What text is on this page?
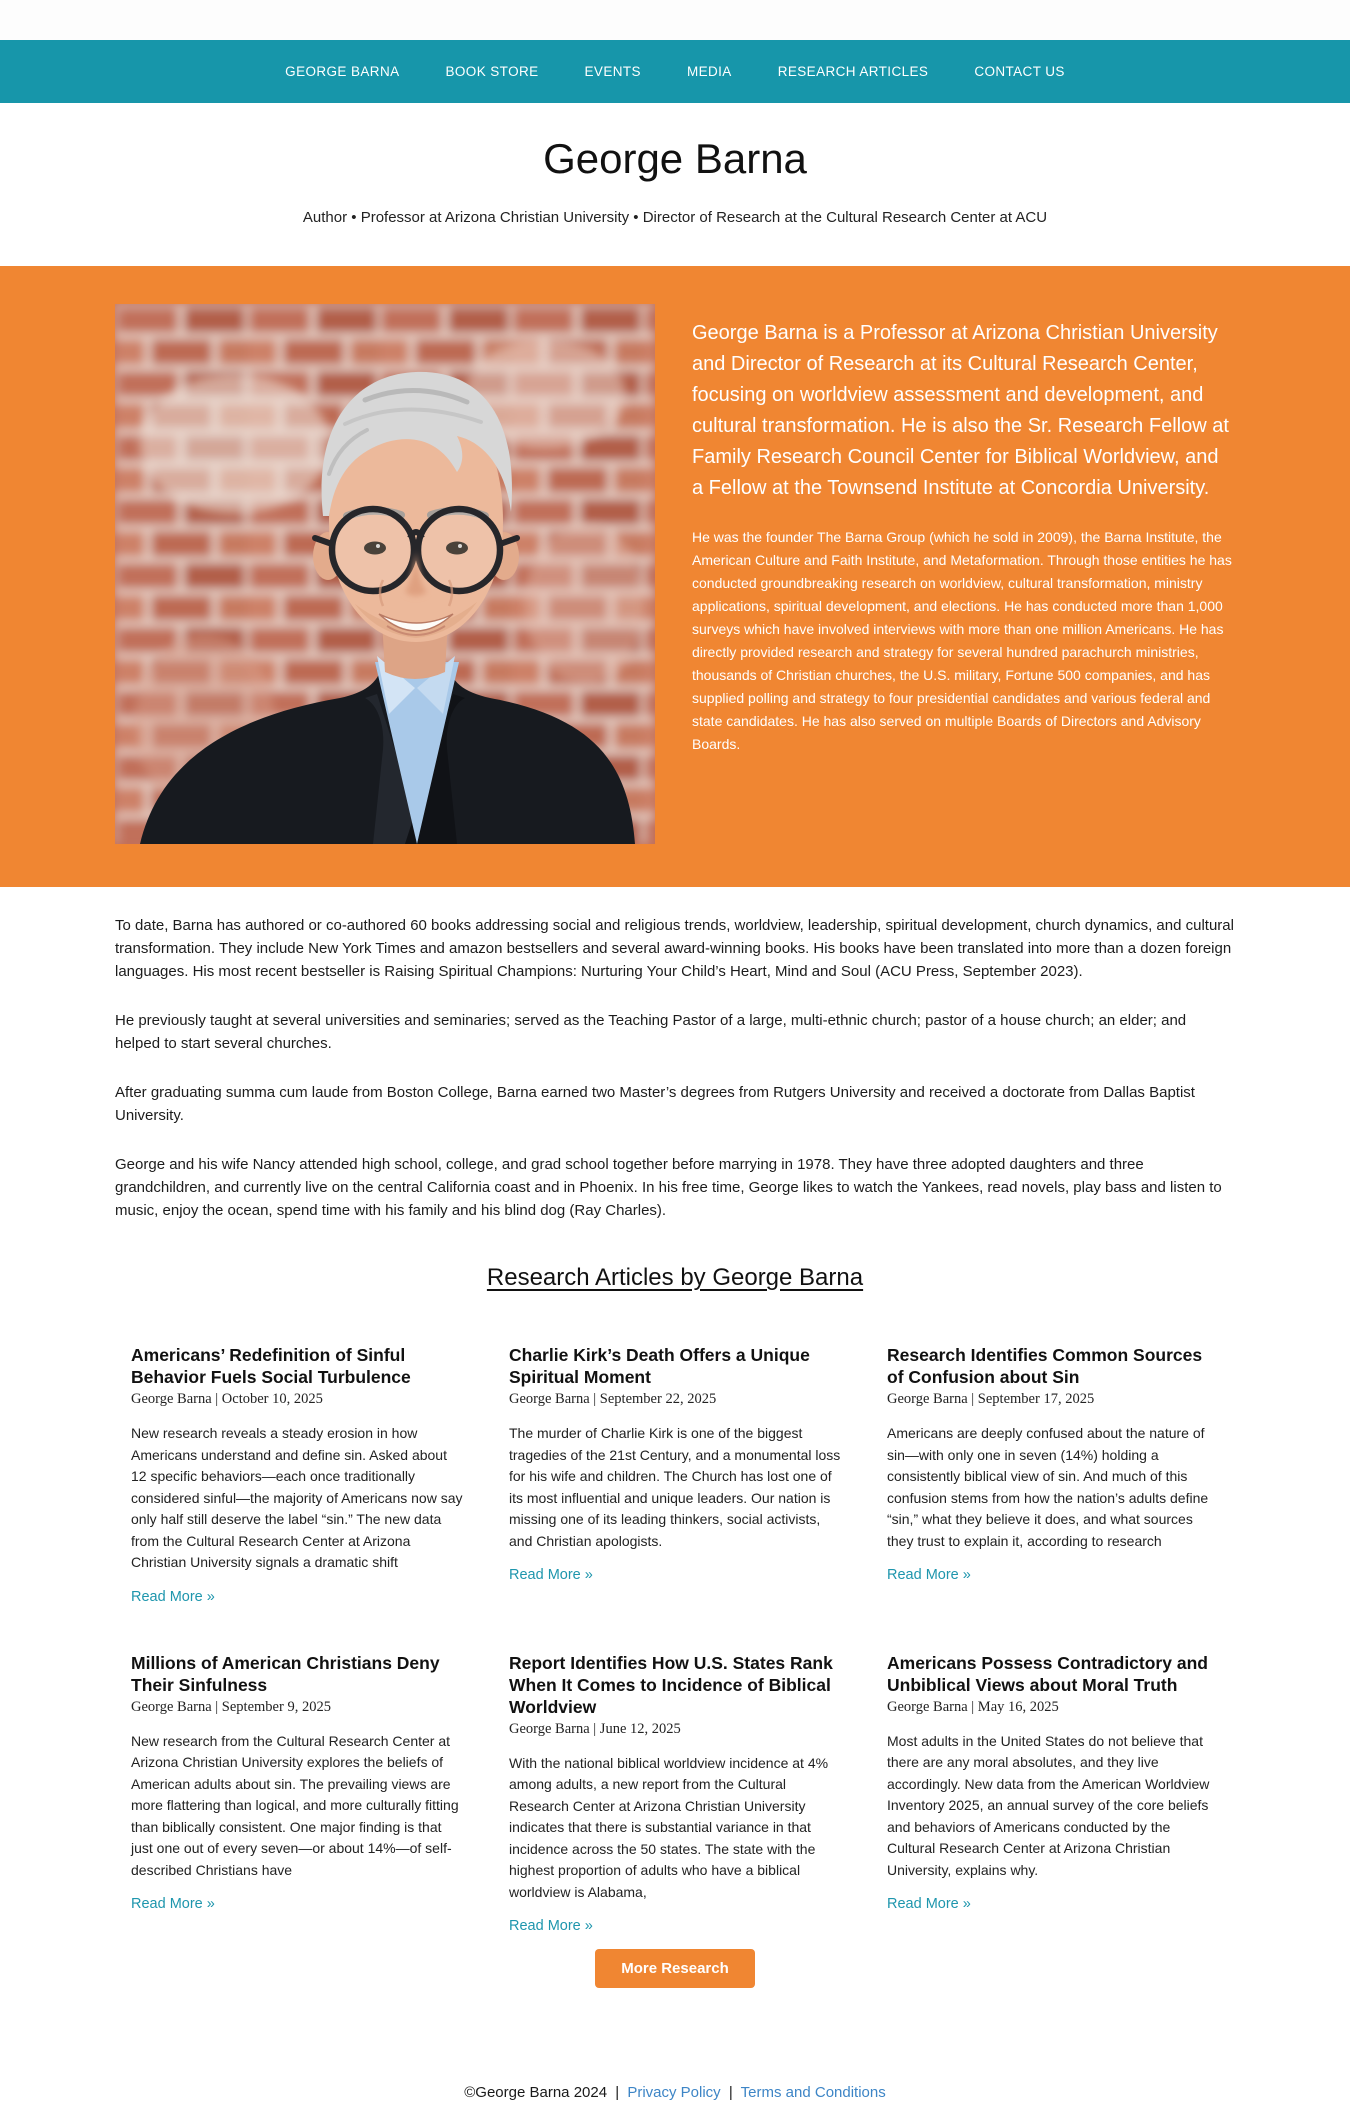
GEORGE BARNA	BOOK STORE	EVENTS	MEDIA	RESEARCH ARTICLES	CONTACT US
George Barna
Author • Professor at Arizona Christian University • Director of Research at the Cultural Research Center at ACU

George Barna is a Professor at Arizona Christian University and Director of Research at its Cultural Research Center, focusing on worldview assessment and development, and cultural transformation. He is also the Sr. Research Fellow at Family Research Council Center for Biblical Worldview, and a Fellow at the Townsend Institute at Concordia University.

He was the founder The Barna Group (which he sold in 2009), the Barna Institute, the American Culture and Faith Institute, and Metaformation. Through those entities he has conducted groundbreaking research on worldview, cultural transformation, ministry applications, spiritual development, and elections. He has conducted more than 1,000 surveys which have involved interviews with more than one million Americans. He has directly provided research and strategy for several hundred parachurch ministries, thousands of Christian churches, the U.S. military, Fortune 500 companies, and has supplied polling and strategy to four presidential candidates and various federal and state candidates. He has also served on multiple Boards of Directors and Advisory Boards.

To date, Barna has authored or co-authored 60 books addressing social and religious trends, worldview, leadership, spiritual development, church dynamics, and cultural transformation. They include New York Times and amazon bestsellers and several award-winning books. His books have been translated into more than a dozen foreign languages. His most recent bestseller is Raising Spiritual Champions: Nurturing Your Child’s Heart, Mind and Soul (ACU Press, September 2023).

He previously taught at several universities and seminaries; served as the Teaching Pastor of a large, multi-ethnic church; pastor of a house church; an elder; and helped to start several churches.

After graduating summa cum laude from Boston College, Barna earned two Master’s degrees from Rutgers University and received a doctorate from Dallas Baptist University.

George and his wife Nancy attended high school, college, and grad school together before marrying in 1978. They have three adopted daughters and three grandchildren, and currently live on the central California coast and in Phoenix. In his free time, George likes to watch the Yankees, read novels, play bass and listen to music, enjoy the ocean, spend time with his family and his blind dog (Ray Charles).

Research Articles by George Barna
Americans’ Redefinition of Sinful Behavior Fuels Social Turbulence
George Barna | October 10, 2025
New research reveals a steady erosion in how Americans understand and define sin. Asked about 12 specific behaviors—each once traditionally considered sinful—the majority of Americans now say only half still deserve the label “sin.” The new data from the Cultural Research Center at Arizona Christian University signals a dramatic shift
Read More »
Charlie Kirk’s Death Offers a Unique Spiritual Moment
George Barna | September 22, 2025
The murder of Charlie Kirk is one of the biggest tragedies of the 21st Century, and a monumental loss for his wife and children. The Church has lost one of its most influential and unique leaders. Our nation is missing one of its leading thinkers, social activists, and Christian apologists.
Read More »
Research Identifies Common Sources of Confusion about Sin
George Barna | September 17, 2025
Americans are deeply confused about the nature of sin—with only one in seven (14%) holding a consistently biblical view of sin. And much of this confusion stems from how the nation’s adults define “sin,” what they believe it does, and what sources they trust to explain it, according to research
Read More »
Millions of American Christians Deny Their Sinfulness
George Barna | September 9, 2025
New research from the Cultural Research Center at Arizona Christian University explores the beliefs of American adults about sin. The prevailing views are more flattering than logical, and more culturally fitting than biblically consistent. One major finding is that just one out of every seven—or about 14%—of self-described Christians have
Read More »
Report Identifies How U.S. States Rank When It Comes to Incidence of Biblical Worldview
George Barna | June 12, 2025
With the national biblical worldview incidence at 4% among adults, a new report from the Cultural Research Center at Arizona Christian University indicates that there is substantial variance in that incidence across the 50 states. The state with the highest proportion of adults who have a biblical worldview is Alabama,
Read More »
Americans Possess Contradictory and Unbiblical Views about Moral Truth
George Barna | May 16, 2025
Most adults in the United States do not believe that there are any moral absolutes, and they live accordingly. New data from the American Worldview Inventory 2025, an annual survey of the core beliefs and behaviors of Americans conducted by the Cultural Research Center at Arizona Christian University, explains why.
Read More »
More Research
©George Barna 2024 | Privacy Policy | Terms and Conditions
